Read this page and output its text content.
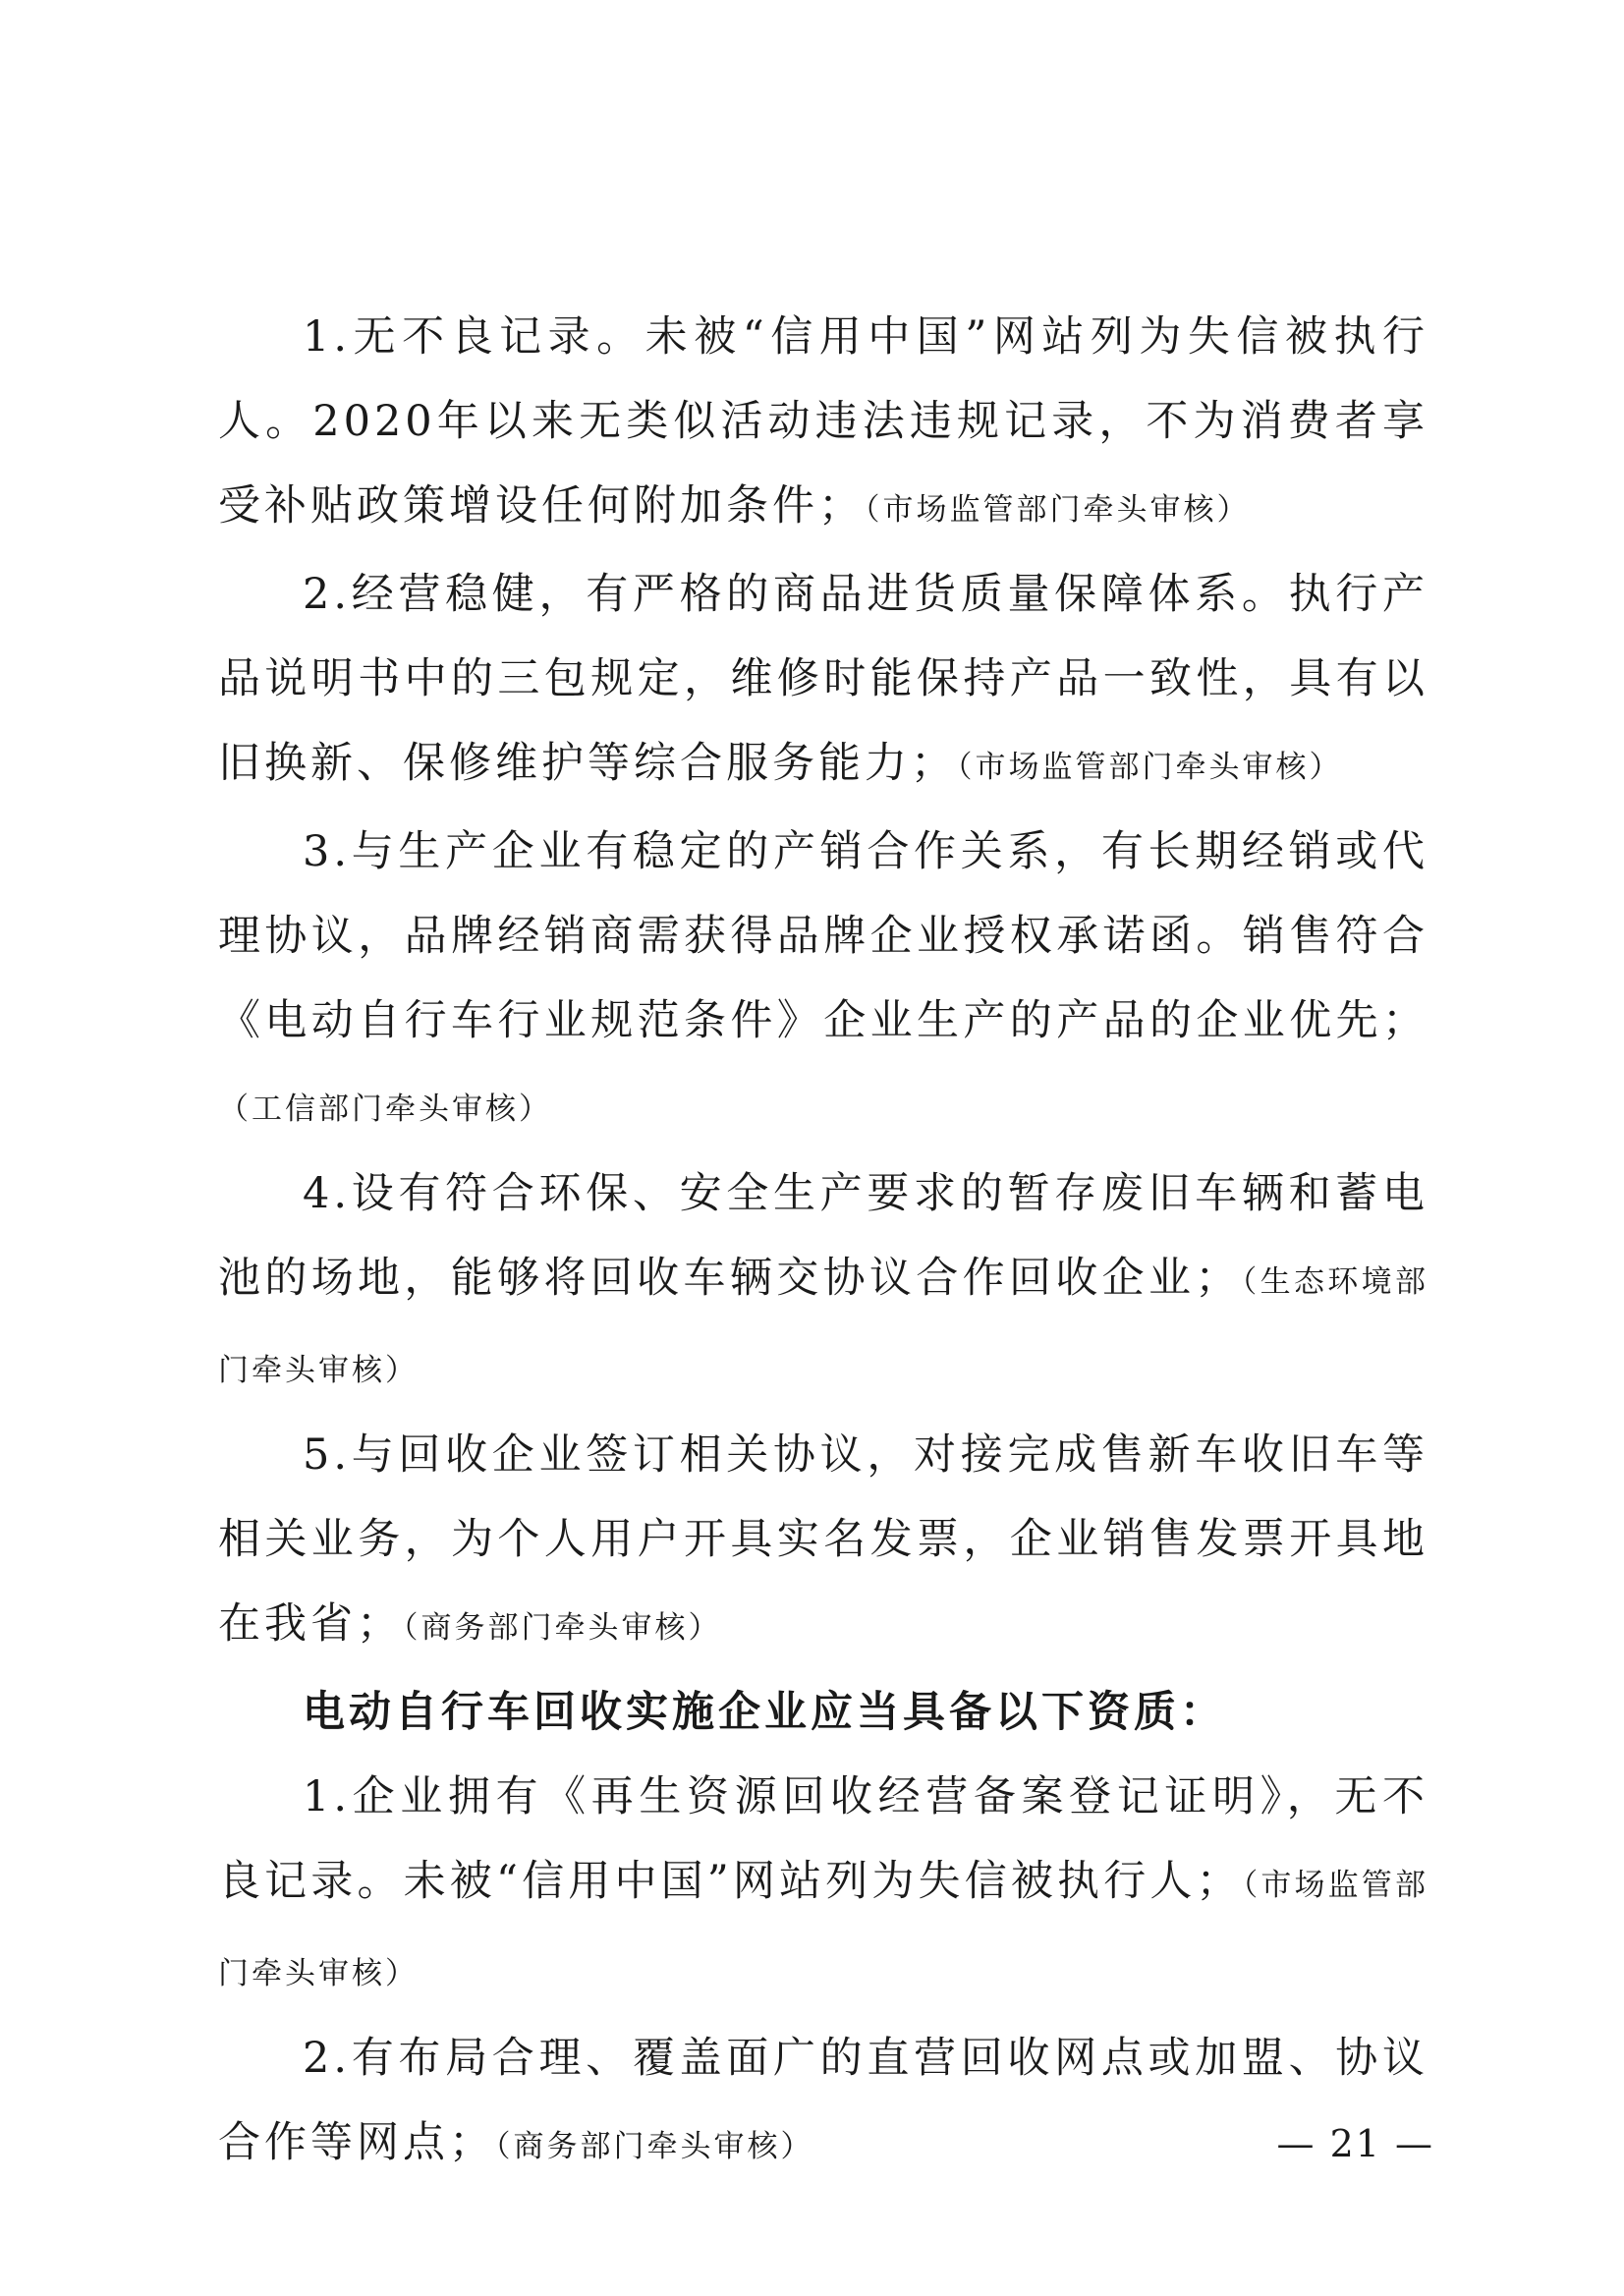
1.无不良记录。未被“信用中国”网站列为失信被执行人。2020年以来无类似活动违法违规记录，不为消费者享受补贴政策增设任何附加条件；（市场监管部门牵头审核）

2.经营稳健，有严格的商品进货质量保障体系。执行产品说明书中的三包规定，维修时能保持产品一致性，具有以旧换新、保修维护等综合服务能力；（市场监管部门牵头审核）

3.与生产企业有稳定的产销合作关系，有长期经销或代理协议，品牌经销商需获得品牌企业授权承诺函。销售符合《电动自行车行业规范条件》企业生产的产品的企业优先；（工信部门牵头审核）

4.设有符合环保、安全生产要求的暂存废旧车辆和蓄电池的场地，能够将回收车辆交协议合作回收企业；（生态环境部门牵头审核）

5.与回收企业签订相关协议，对接完成售新车收旧车等相关业务，为个人用户开具实名发票，企业销售发票开具地在我省；（商务部门牵头审核）

电动自行车回收实施企业应当具备以下资质：

1.企业拥有《再生资源回收经营备案登记证明》，无不良记录。未被“信用中国”网站列为失信被执行人；（市场监管部门牵头审核）

2.有布局合理、覆盖面广的直营回收网点或加盟、协议合作等网点；（商务部门牵头审核）	— 21 —
